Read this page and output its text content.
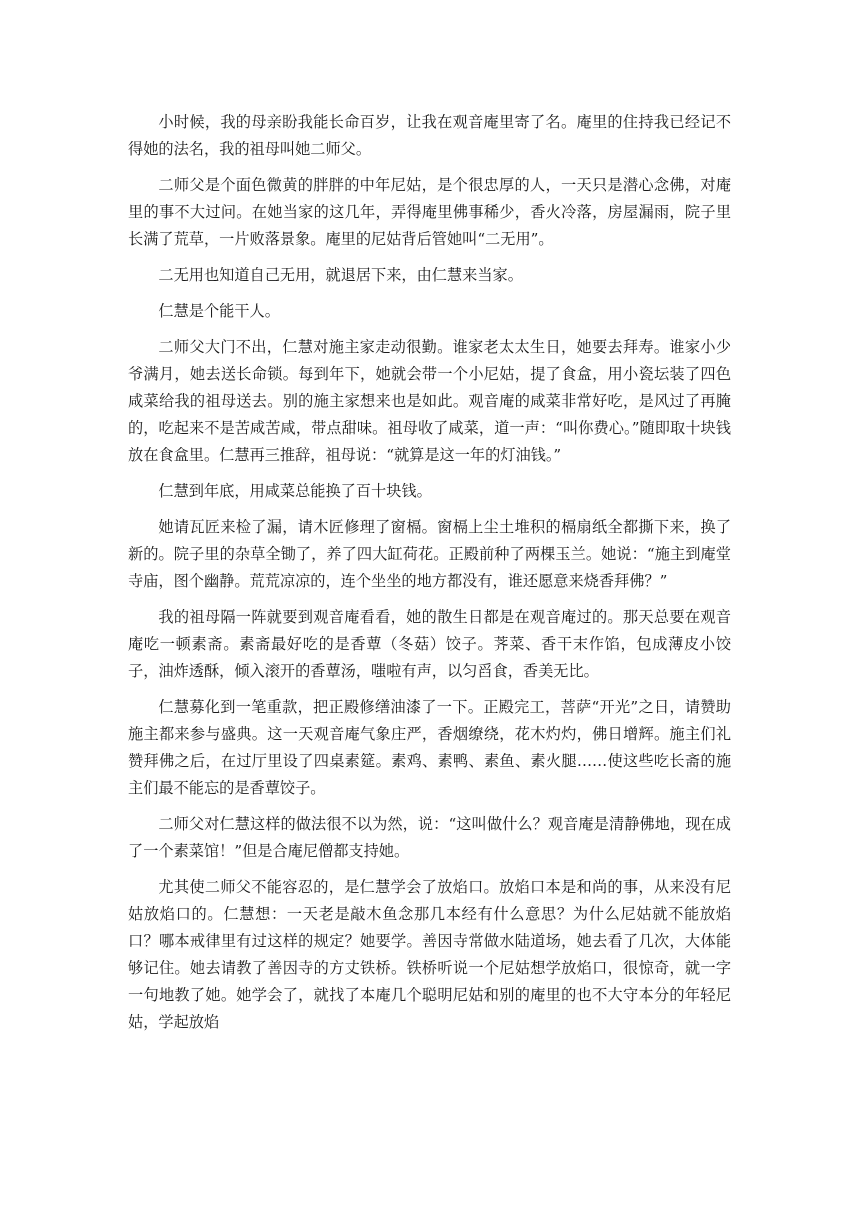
小时候，我的母亲盼我能长命百岁，让我在观音庵里寄了名。庵里的住持我已经记不得她的法名，我的祖母叫她二师父。

二师父是个面色微黄的胖胖的中年尼姑，是个很忠厚的人，一天只是潜心念佛，对庵里的事不大过问。在她当家的这几年，弄得庵里佛事稀少，香火冷落，房屋漏雨，院子里长满了荒草，一片败落景象。庵里的尼姑背后管她叫“二无用”。

二无用也知道自己无用，就退居下来，由仁慧来当家。

仁慧是个能干人。

二师父大门不出，仁慧对施主家走动很勤。谁家老太太生日，她要去拜寿。谁家小少爷满月，她去送长命锁。每到年下，她就会带一个小尼姑，提了食盒，用小瓷坛装了四色咸菜给我的祖母送去。别的施主家想来也是如此。观音庵的咸菜非常好吃，是风过了再腌的，吃起来不是苦咸苦咸，带点甜味。祖母收了咸菜，道一声：“叫你费心。”随即取十块钱放在食盒里。仁慧再三推辞，祖母说：“就算是这一年的灯油钱。”

仁慧到年底，用咸菜总能换了百十块钱。

她请瓦匠来检了漏，请木匠修理了窗槅。窗槅上尘土堆积的槅扇纸全都撕下来，换了新的。院子里的杂草全锄了，养了四大缸荷花。正殿前种了两棵玉兰。她说：“施主到庵堂寺庙，图个幽静。荒荒凉凉的，连个坐坐的地方都没有，谁还愿意来烧香拜佛？”

我的祖母隔一阵就要到观音庵看看，她的散生日都是在观音庵过的。那天总要在观音庵吃一顿素斋。素斋最好吃的是香蕈（冬菇）饺子。荠菜、香干末作馅，包成薄皮小饺子，油炸透酥，倾入滚开的香蕈汤，嗤啦有声，以匀舀食，香美无比。

仁慧募化到一笔重款，把正殿修缮油漆了一下。正殿完工，菩萨“开光”之日，请赞助施主都来参与盛典。这一天观音庵气象庄严，香烟缭绕，花木灼灼，佛日增辉。施主们礼赞拜佛之后，在过厅里设了四桌素筵。素鸡、素鸭、素鱼、素火腿……使这些吃长斋的施主们最不能忘的是香蕈饺子。

二师父对仁慧这样的做法很不以为然，说：“这叫做什么？观音庵是清静佛地，现在成了一个素菜馆！”但是合庵尼僧都支持她。

尤其使二师父不能容忍的，是仁慧学会了放焰口。放焰口本是和尚的事，从来没有尼姑放焰口的。仁慧想：一天老是敲木鱼念那几本经有什么意思？为什么尼姑就不能放焰口？哪本戒律里有过这样的规定？她要学。善因寺常做水陆道场，她去看了几次，大体能够记住。她去请教了善因寺的方丈铁桥。铁桥听说一个尼姑想学放焰口，很惊奇，就一字一句地教了她。她学会了，就找了本庵几个聪明尼姑和别的庵里的也不大守本分的年轻尼姑，学起放焰
